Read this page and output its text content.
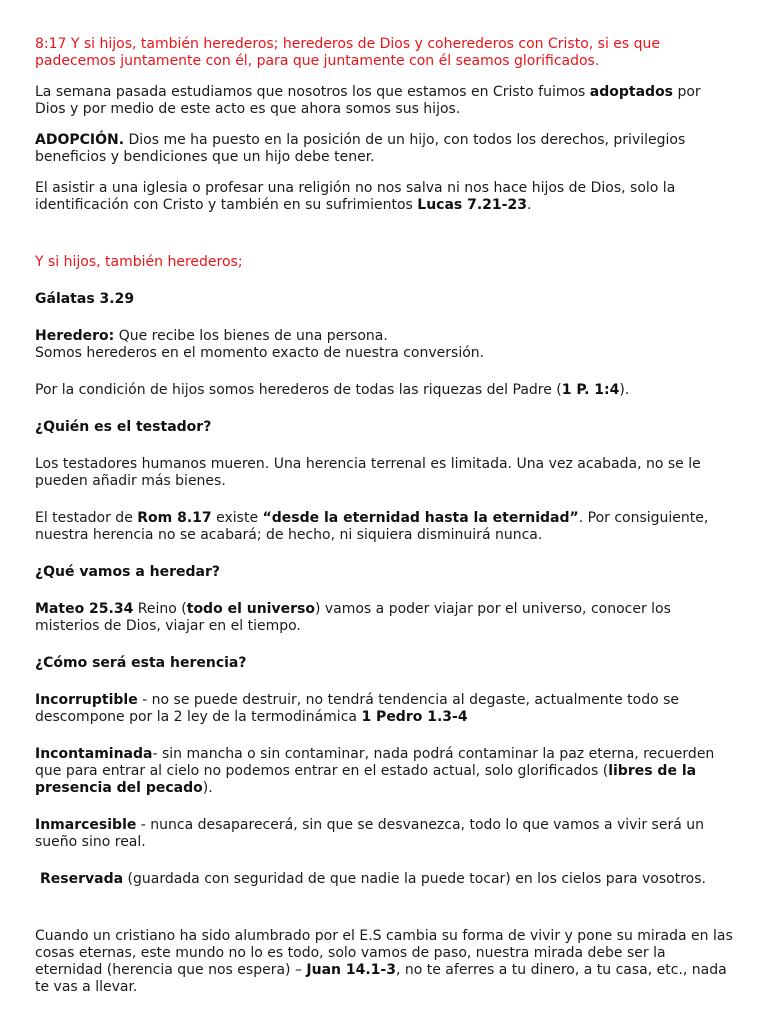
8:17 Y si hijos, también herederos; herederos de Dios y coherederos con Cristo, si es que padecemos juntamente con él, para que juntamente con él seamos glorificados.

La semana pasada estudiamos que nosotros los que estamos en Cristo fuimos adoptados por Dios y por medio de este acto es que ahora somos sus hijos.

ADOPCIÓN. Dios me ha puesto en la posición de un hijo, con todos los derechos, privilegios beneficios y bendiciones que un hijo debe tener.

El asistir a una iglesia o profesar una religión no nos salva ni nos hace hijos de Dios, solo la identificación con Cristo y también en su sufrimientos Lucas 7.21-23.

Y si hijos, también herederos;

Gálatas 3.29

Heredero: Que recibe los bienes de una persona.
Somos herederos en el momento exacto de nuestra conversión.

Por la condición de hijos somos herederos de todas las riquezas del Padre (1 P. 1:4).

¿Quién es el testador?

Los testadores humanos mueren. Una herencia terrenal es limitada. Una vez acabada, no se le pueden añadir más bienes.

El testador de Rom 8.17 existe “desde la eternidad hasta la eternidad”. Por consiguiente, nuestra herencia no se acabará; de hecho, ni siquiera disminuirá nunca.

¿Qué vamos a heredar?

Mateo 25.34 Reino (todo el universo) vamos a poder viajar por el universo, conocer los misterios de Dios, viajar en el tiempo.

¿Cómo será esta herencia?

Incorruptible - no se puede destruir, no tendrá tendencia al degaste, actualmente todo se descompone por la 2 ley de la termodinámica 1 Pedro 1.3-4

Incontaminada- sin mancha o sin contaminar, nada podrá contaminar la paz eterna, recuerden que para entrar al cielo no podemos entrar en el estado actual, solo glorificados (libres de la presencia del pecado).

Inmarcesible - nunca desaparecerá, sin que se desvanezca, todo lo que vamos a vivir será un sueño sino real.

Reservada (guardada con seguridad de que nadie la puede tocar) en los cielos para vosotros.

Cuando un cristiano ha sido alumbrado por el E.S cambia su forma de vivir y pone su mirada en las cosas eternas, este mundo no lo es todo, solo vamos de paso, nuestra mirada debe ser la eternidad (herencia que nos espera) – Juan 14.1-3, no te aferres a tu dinero, a tu casa, etc., nada te vas a llevar.
